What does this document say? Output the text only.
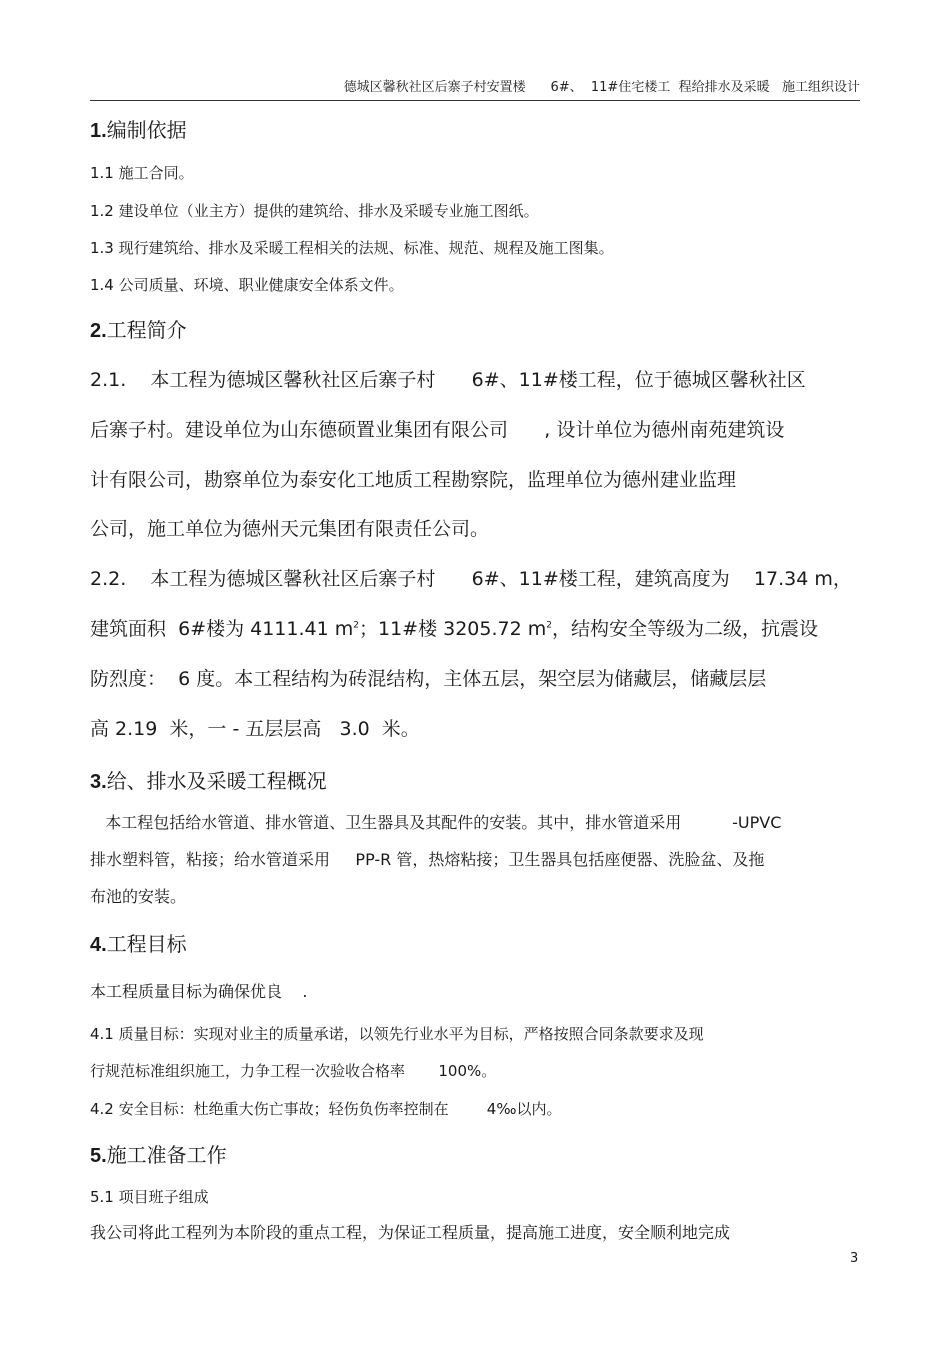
德城区馨秋社区后寨子村安置楼      6#、  11#住宅楼工  程给排水及采暖   施工组织设计
1.编制依据
1.1 施工合同。
1.2 建设单位（业主方）提供的建筑给、排水及采暖专业施工图纸。
1.3 现行建筑给、排水及采暖工程相关的法规、标准、规范、规程及施工图集。
1.4 公司质量、环境、职业健康安全体系文件。
2.工程简介
2.1.    本工程为德城区馨秋社区后寨子村      6#、11#楼工程，位于德城区馨秋社区
后寨子村。建设单位为山东德硕置业集团有限公司      , 设计单位为德州南苑建筑设
计有限公司，勘察单位为泰安化工地质工程勘察院，监理单位为德州建业监理
公司，施工单位为德州天元集团有限责任公司。
2.2.    本工程为德城区馨秋社区后寨子村      6#、11#楼工程，建筑高度为    17.34 m，
建筑面积  6#楼为 4111.41 $m^2$；11#楼 3205.72 $m^2$，结构安全等级为二级，抗震设
防烈度：  6 度。本工程结构为砖混结构，主体五层，架空层为储藏层，储藏层层
高 2.19  米，一 - 五层层高   3.0  米。
3.给、排水及采暖工程概况
本工程包括给水管道、排水管道、卫生器具及其配件的安装。其中，排水管道采用          -UPVC
排水塑料管，粘接；给水管道采用     PP-R 管，热熔粘接；卫生器具包括座便器、洗脸盆、及拖
布池的安装。
4.工程目标
本工程质量目标为确保优良    .
4.1 质量目标：实现对业主的质量承诺，以领先行业水平为目标，严格按照合同条款要求及现
行规范标准组织施工，力争工程一次验收合格率       100%。
4.2 安全目标：杜绝重大伤亡事故；轻伤负伤率控制在        4‰以内。
5.施工准备工作
5.1 项目班子组成
我公司将此工程列为本阶段的重点工程，为保证工程质量，提高施工进度，安全顺利地完成
3
